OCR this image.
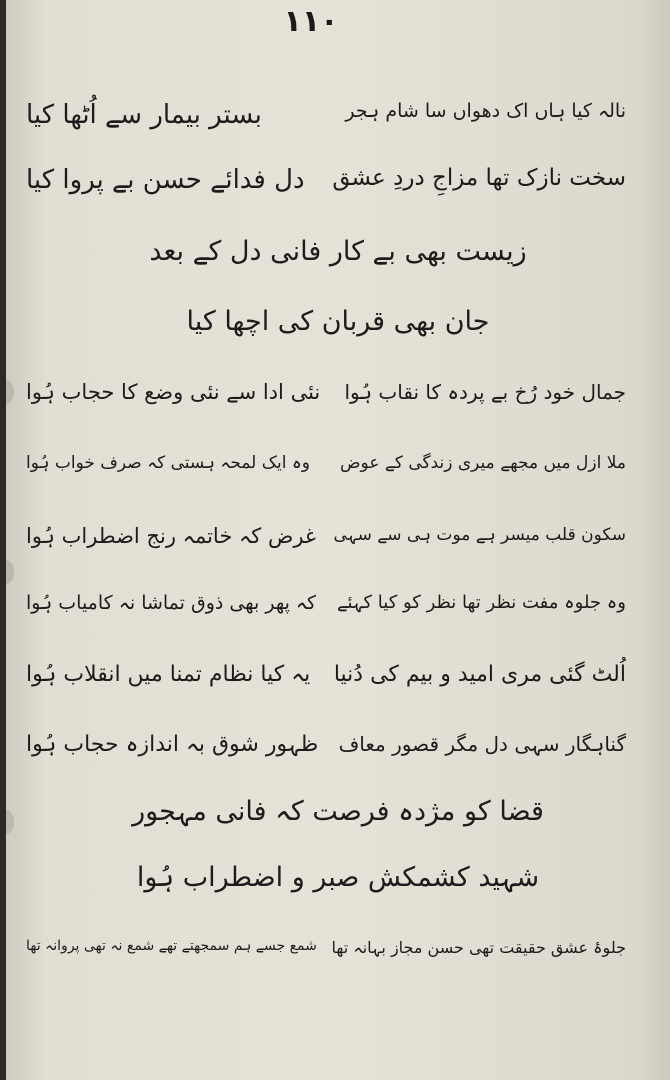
١١٠
نالہ کیا ہاں اک دھواں سا شام ہجر
بستر بیمار سے اُٹھا کیا
سخت نازک تھا مزاجِ دردِ عشق
دل فدائے حسن بے پروا کیا
زیست بھی بے کار فانی دل کے بعد
جان بھی قربان کی اچھا کیا
جمال خود رُخ بے پردہ کا نقاب ہُوا
نئی ادا سے نئی وضع کا حجاب ہُوا
ملا ازل میں مجھے میری زندگی کے عوض
وہ ایک لمحہ ہستی کہ صرف خواب ہُوا
سکون قلب میسر ہے موت ہی سے سہی
غرض کہ خاتمہ رنج اضطراب ہُوا
وہ جلوہ مفت نظر تھا نظر کو کیا کہئے
کہ پھر بھی ذوق تماشا نہ کامیاب ہُوا
اُلٹ گئی مری امید و بیم کی دُنیا
یہ کیا نظام تمنا میں انقلاب ہُوا
گناہگار سہی دل مگر قصور معاف
ظہور شوق بہ اندازہ حجاب ہُوا
قضا کو مژدہ فرصت کہ فانی مہجور
شہید کشمکش صبر و اضطراب ہُوا
جلوۂ عشق حقیقت تھی حسن مجاز بہانہ تھا
شمع جسے ہم سمجھتے تھے شمع نہ تھی پروانہ تھا
